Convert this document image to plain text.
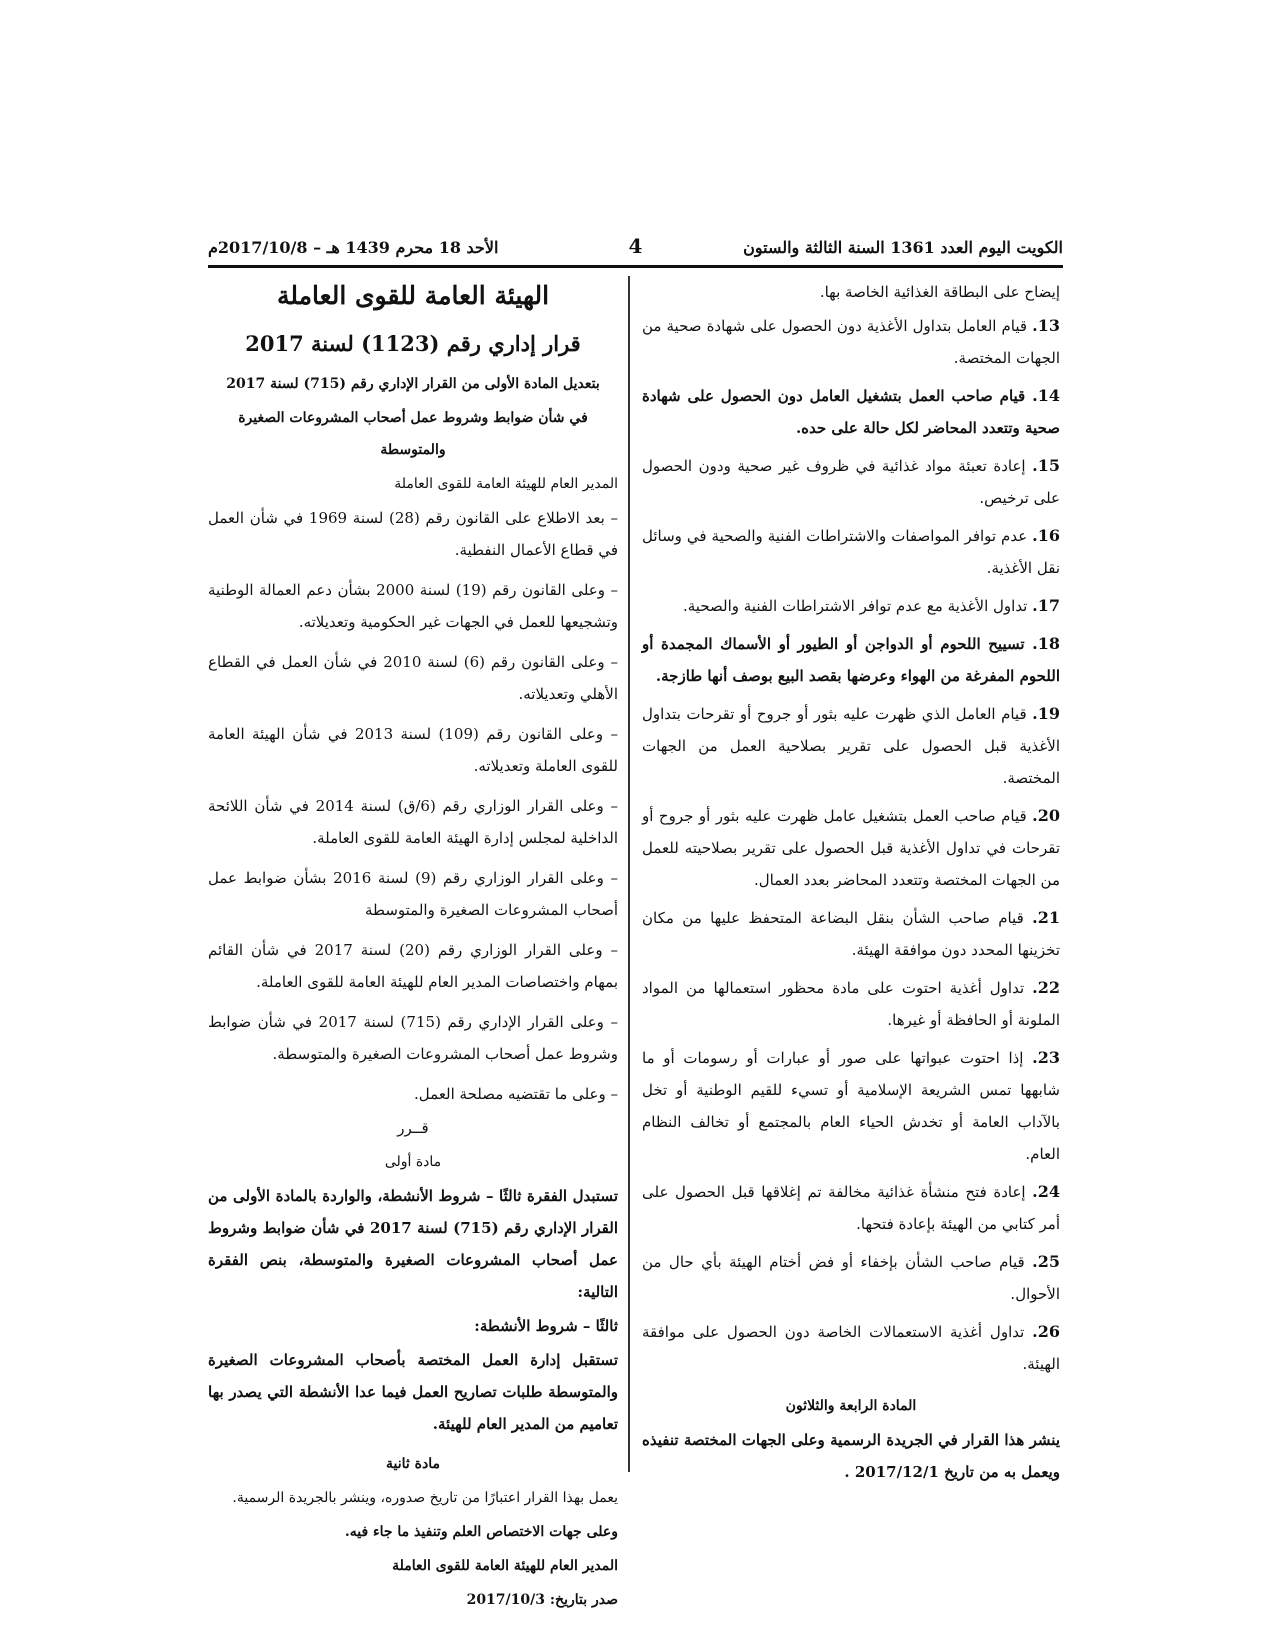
الكويت اليوم العدد 1361 السنة الثالثة والستون
4
الأحد 18 محرم 1439 هـ – 2017/10/8م

إيضاح على البطاقة الغذائية الخاصة بها.

13. قيام العامل بتداول الأغذية دون الحصول على شهادة صحية من الجهات المختصة.

14. قيام صاحب العمل بتشغيل العامل دون الحصول على شهادة صحية وتتعدد المحاضر لكل حالة على حده.

15. إعادة تعبئة مواد غذائية في ظروف غير صحية ودون الحصول على ترخيص.

16. عدم توافر المواصفات والاشتراطات الفنية والصحية في وسائل نقل الأغذية.

17. تداول الأغذية مع عدم توافر الاشتراطات الفنية والصحية.

18. تسييح اللحوم أو الدواجن أو الطيور أو الأسماك المجمدة أو اللحوم المفرغة من الهواء وعرضها بقصد البيع بوصف أنها طازجة.

19. قيام العامل الذي ظهرت عليه بثور أو جروح أو تقرحات بتداول الأغذية قبل الحصول على تقرير بصلاحية العمل من الجهات المختصة.

20. قيام صاحب العمل بتشغيل عامل ظهرت عليه بثور أو جروح أو تقرحات في تداول الأغذية قبل الحصول على تقرير بصلاحيته للعمل من الجهات المختصة وتتعدد المحاضر بعدد العمال.

21. قيام صاحب الشأن بنقل البضاعة المتحفظ عليها من مكان تخزينها المحدد دون موافقة الهيئة.

22. تداول أغذية احتوت على مادة محظور استعمالها من المواد الملونة أو الحافظة أو غيرها.

23. إذا احتوت عبواتها على صور أو عبارات أو رسومات أو ما شابهها تمس الشريعة الإسلامية أو تسيء للقيم الوطنية أو تخل بالآداب العامة أو تخدش الحياء العام بالمجتمع أو تخالف النظام العام.

24. إعادة فتح منشأة غذائية مخالفة تم إغلاقها قبل الحصول على أمر كتابي من الهيئة بإعادة فتحها.

25. قيام صاحب الشأن بإخفاء أو فض أختام الهيئة بأي حال من الأحوال.

26. تداول أغذية الاستعمالات الخاصة دون الحصول على موافقة الهيئة.

المادة الرابعة والثلاثون

ينشر هذا القرار في الجريدة الرسمية وعلى الجهات المختصة تنفيذه ويعمل به من تاريخ 2017/12/1 .

الهيئة العامة للقوى العاملة
قرار إداري رقم (1123) لسنة 2017

بتعديل المادة الأولى من القرار الإداري رقم (715) لسنة 2017

في شأن ضوابط وشروط عمل أصحاب المشروعات الصغيرة والمتوسطة

المدير العام للهيئة العامة للقوى العاملة

– بعد الاطلاع على القانون رقم (28) لسنة 1969 في شأن العمل في قطاع الأعمال النفطية.

– وعلى القانون رقم (19) لسنة 2000 بشأن دعم العمالة الوطنية وتشجيعها للعمل في الجهات غير الحكومية وتعديلاته.

– وعلى القانون رقم (6) لسنة 2010 في شأن العمل في القطاع الأهلي وتعديلاته.

– وعلى القانون رقم (109) لسنة 2013 في شأن الهيئة العامة للقوى العاملة وتعديلاته.

– وعلى القرار الوزاري رقم (6/ق) لسنة 2014 في شأن اللائحة الداخلية لمجلس إدارة الهيئة العامة للقوى العاملة.

– وعلى القرار الوزاري رقم (9) لسنة 2016 بشأن ضوابط عمل أصحاب المشروعات الصغيرة والمتوسطة

– وعلى القرار الوزاري رقم (20) لسنة 2017 في شأن القائم بمهام واختصاصات المدير العام للهيئة العامة للقوى العاملة.

– وعلى القرار الإداري رقم (715) لسنة 2017 في شأن ضوابط وشروط عمل أصحاب المشروعات الصغيرة والمتوسطة.

– وعلى ما تقتضيه مصلحة العمل.

قــرر

مادة أولى

تستبدل الفقرة ثالثًا – شروط الأنشطة، والواردة بالمادة الأولى من القرار الإداري رقم (715) لسنة 2017 في شأن ضوابط وشروط عمل أصحاب المشروعات الصغيرة والمتوسطة، بنص الفقرة التالية:

ثالثًا – شروط الأنشطة:

تستقبل إدارة العمل المختصة بأصحاب المشروعات الصغيرة والمتوسطة طلبات تصاريح العمل فيما عدا الأنشطة التي يصدر بها تعاميم من المدير العام للهيئة.

مادة ثانية

يعمل بهذا القرار اعتبارًا من تاريخ صدوره، وينشر بالجريدة الرسمية.

وعلى جهات الاختصاص العلم وتنفيذ ما جاء فيه.

المدير العام للهيئة العامة للقوى العاملة

صدر بتاريخ: 2017/10/3
